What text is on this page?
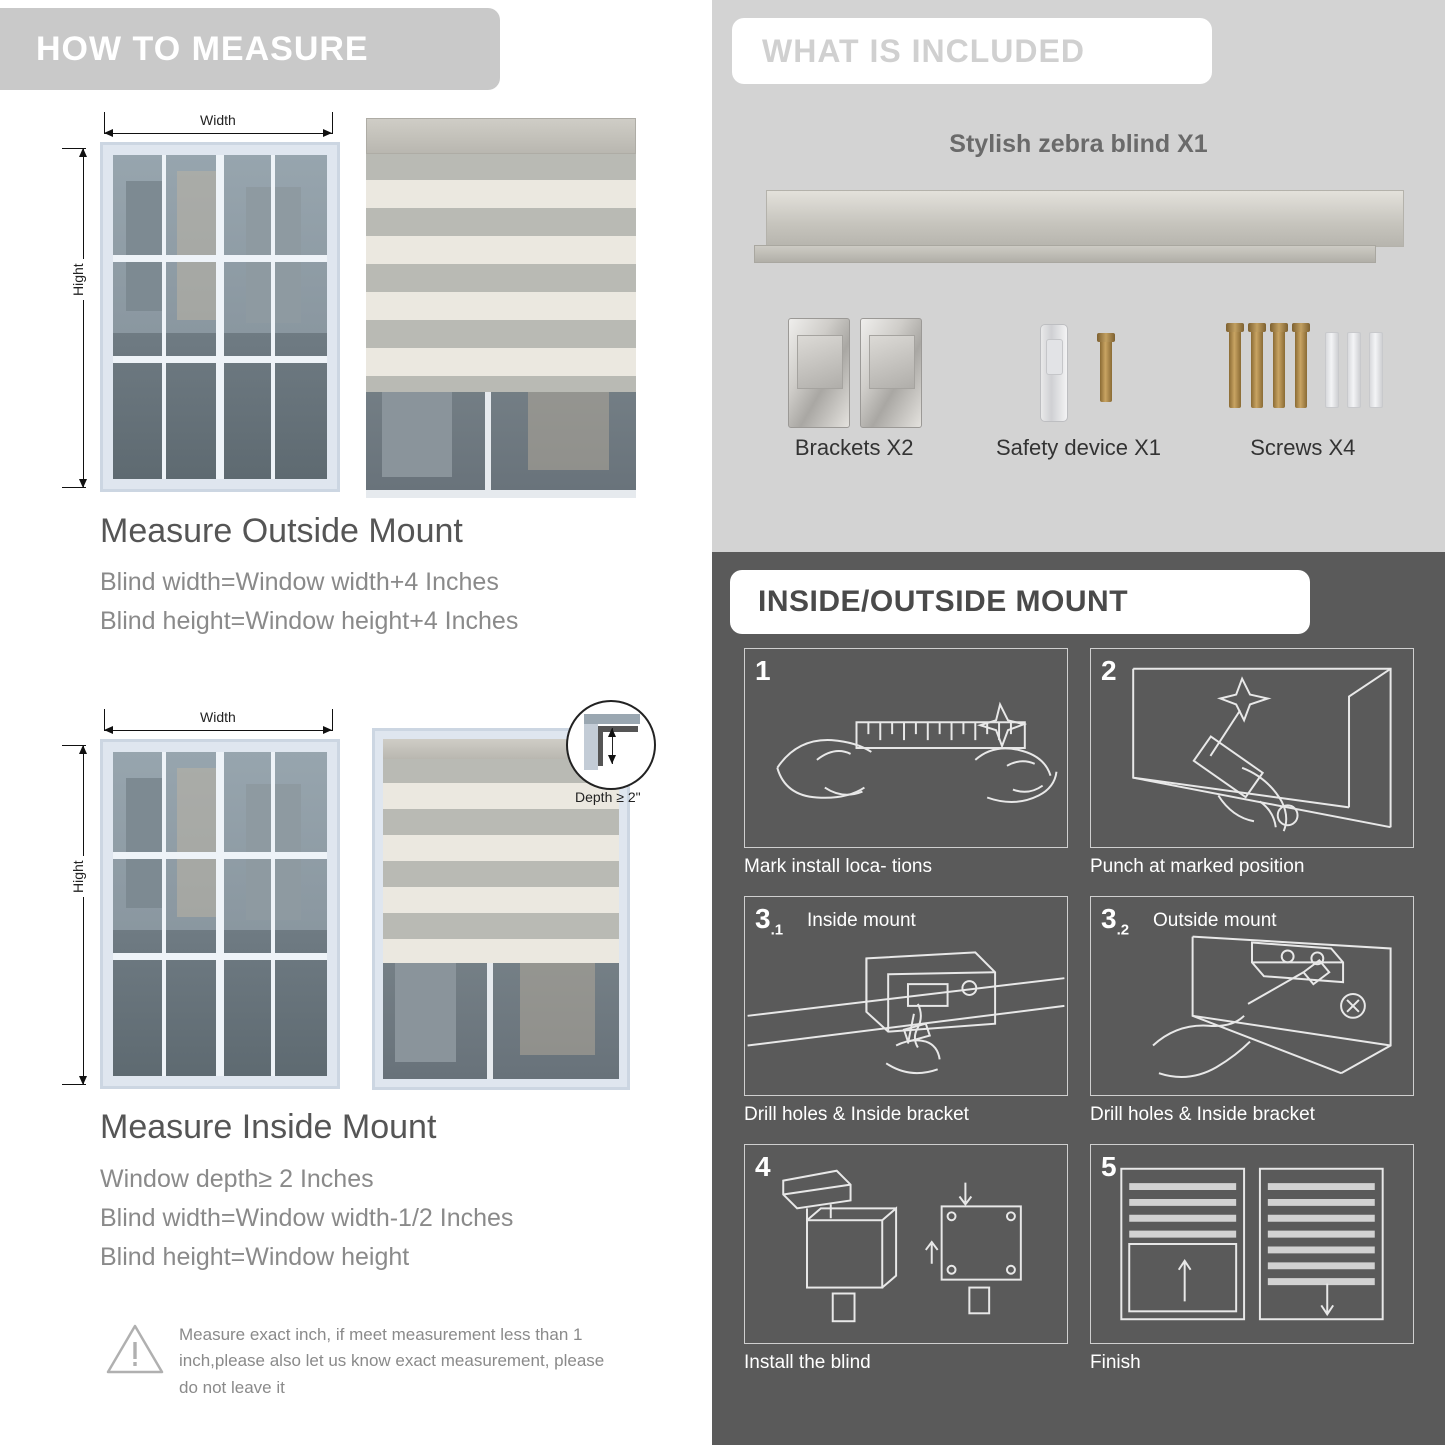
HOW TO MEASURE
Width
Hight
Measure Outside Mount
Blind width=Window width+4 Inches
Blind height=Window height+4 Inches
Width
Hight
Depth ≥ 2"
Measure Inside Mount
Window depth≥ 2 Inches
Blind width=Window width-1/2 Inches
Blind height=Window height
Measure exact inch, if meet measurement less than 1 inch,please also let us know exact measurement, please do not leave it
WHAT IS INCLUDED
Stylish zebra blind X1
Brackets X2	Safety device X1	Screws X4
INSIDE/OUTSIDE MOUNT
1
Mark install loca- tions
2
Punch at marked position
$3_{.1}$ Inside mount
Drill holes & Inside bracket
$3_{.2}$ Outside mount
Drill holes & Inside bracket
4
Install the blind
5
Finish
